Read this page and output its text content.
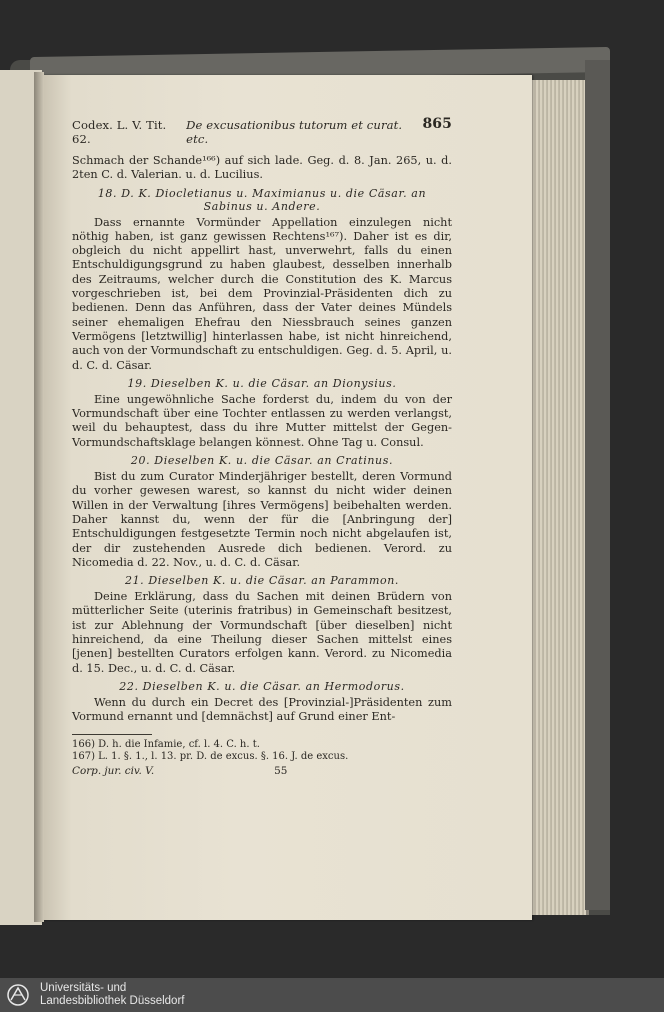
Codex. L. V. Tit. 62.
De excusationibus tutorum et curat. etc.
865

Schmach der Schande¹⁶⁶) auf sich lade. Geg. d. 8. Jan. 265, u. d. 2ten C. d. Valerian. u. d. Lucilius.

18. D. K. Diocletianus u. Maximianus u. die Cäsar. an Sabinus u. Andere.

Dass ernannte Vormünder Appellation einzulegen nicht nöthig haben, ist ganz gewissen Rechtens¹⁶⁷). Daher ist es dir, obgleich du nicht appellirt hast, unverwehrt, falls du einen Entschuldigungsgrund zu haben glaubest, desselben innerhalb des Zeitraums, welcher durch die Constitution des K. Marcus vorgeschrieben ist, bei dem Provinzial-Präsidenten dich zu bedienen. Denn das Anführen, dass der Vater deines Mündels seiner ehemaligen Ehefrau den Niessbrauch seines ganzen Vermögens [letztwillig] hinterlassen habe, ist nicht hinreichend, auch von der Vormundschaft zu entschuldigen. Geg. d. 5. April, u. d. C. d. Cäsar.

19. Dieselben K. u. die Cäsar. an Dionysius.

Eine ungewöhnliche Sache forderst du, indem du von der Vormundschaft über eine Tochter entlassen zu werden verlangst, weil du behauptest, dass du ihre Mutter mittelst der Gegen-Vormundschaftsklage belangen könnest. Ohne Tag u. Consul.

20. Dieselben K. u. die Cäsar. an Cratinus.

Bist du zum Curator Minderjähriger bestellt, deren Vormund du vorher gewesen warest, so kannst du nicht wider deinen Willen in der Verwaltung [ihres Vermögens] beibehalten werden. Daher kannst du, wenn der für die [Anbringung der] Entschuldigungen festgesetzte Termin noch nicht abgelaufen ist, der dir zustehenden Ausrede dich bedienen. Verord. zu Nicomedia d. 22. Nov., u. d. C. d. Cäsar.

21. Dieselben K. u. die Cäsar. an Parammon.

Deine Erklärung, dass du Sachen mit deinen Brüdern von mütterlicher Seite (uterinis fratribus) in Gemeinschaft besitzest, ist zur Ablehnung der Vormundschaft [über dieselben] nicht hinreichend, da eine Theilung dieser Sachen mittelst eines [jenen] bestellten Curators erfolgen kann. Verord. zu Nicomedia d. 15. Dec., u. d. C. d. Cäsar.

22. Dieselben K. u. die Cäsar. an Hermodorus.

Wenn du durch ein Decret des [Provinzial-]Präsidenten zum Vormund ernannt und [demnächst] auf Grund einer Ent-

166) D. h. die Infamie, cf. l. 4. C. h. t.
167) L. 1. §. 1., l. 13. pr. D. de excus. §. 16. J. de excus.
Corp. jur. civ. V.	55
Universitäts- und
Landesbibliothek Düsseldorf
